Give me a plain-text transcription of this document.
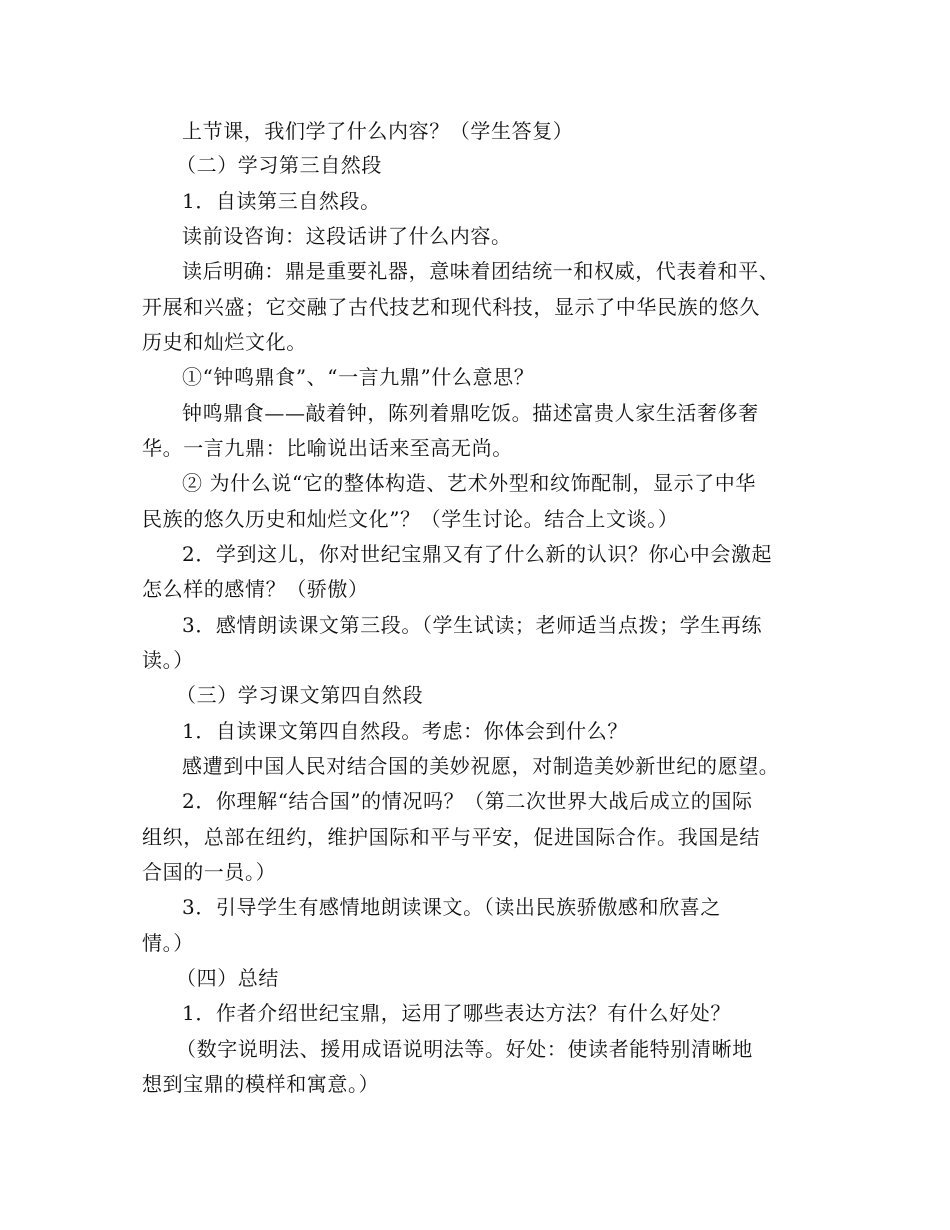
上节课，我们学了什么内容？（学生答复）
（二）学习第三自然段
1．自读第三自然段。
读前设咨询：这段话讲了什么内容。
读后明确：鼎是重要礼器，意味着团结统一和权威，代表着和平、
开展和兴盛；它交融了古代技艺和现代科技，显示了中华民族的悠久
历史和灿烂文化。
①“钟鸣鼎食”、“一言九鼎”什么意思？
钟鸣鼎食——敲着钟，陈列着鼎吃饭。描述富贵人家生活奢侈奢
华。一言九鼎：比喻说出话来至高无尚。
② 为什么说“它的整体构造、艺术外型和纹饰配制，显示了中华
民族的悠久历史和灿烂文化”？（学生讨论。结合上文谈。）
2．学到这儿，你对世纪宝鼎又有了什么新的认识？你心中会激起
怎么样的感情？（骄傲）
3．感情朗读课文第三段。（学生试读；老师适当点拨；学生再练
读。）
（三）学习课文第四自然段
1．自读课文第四自然段。考虑：你体会到什么？
感遭到中国人民对结合国的美妙祝愿，对制造美妙新世纪的愿望。
2．你理解“结合国”的情况吗？（第二次世界大战后成立的国际
组织，总部在纽约，维护国际和平与平安，促进国际合作。我国是结
合国的一员。）
3．引导学生有感情地朗读课文。（读出民族骄傲感和欣喜之
情。）
（四）总结
1．作者介绍世纪宝鼎，运用了哪些表达方法？有什么好处？
（数字说明法、援用成语说明法等。好处：使读者能特别清晰地
想到宝鼎的模样和寓意。）
